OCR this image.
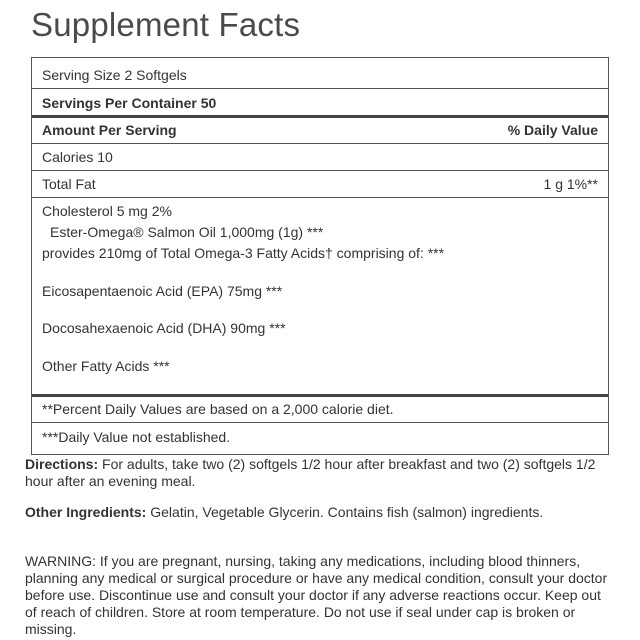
Supplement Facts
Serving Size 2 Softgels
Servings Per Container 50
Amount Per Serving	% Daily Value
Calories 10
Total Fat	1 g 1%**
Cholesterol 5 mg 2%
Ester-Omega® Salmon Oil 1,000mg (1g) ***
provides 210mg of Total Omega-3 Fatty Acids† comprising of: ***
Eicosapentaenoic Acid (EPA) 75mg ***
Docosahexaenoic Acid (DHA) 90mg ***
Other Fatty Acids ***
**Percent Daily Values are based on a 2,000 calorie diet.
***Daily Value not established.
Directions: For adults, take two (2) softgels 1/2 hour after breakfast and two (2) softgels 1/2 hour after an evening meal.
Other Ingredients: Gelatin, Vegetable Glycerin. Contains fish (salmon) ingredients.
WARNING: If you are pregnant, nursing, taking any medications, including blood thinners, planning any medical or surgical procedure or have any medical condition, consult your doctor before use. Discontinue use and consult your doctor if any adverse reactions occur. Keep out of reach of children. Store at room temperature. Do not use if seal under cap is broken or missing.
